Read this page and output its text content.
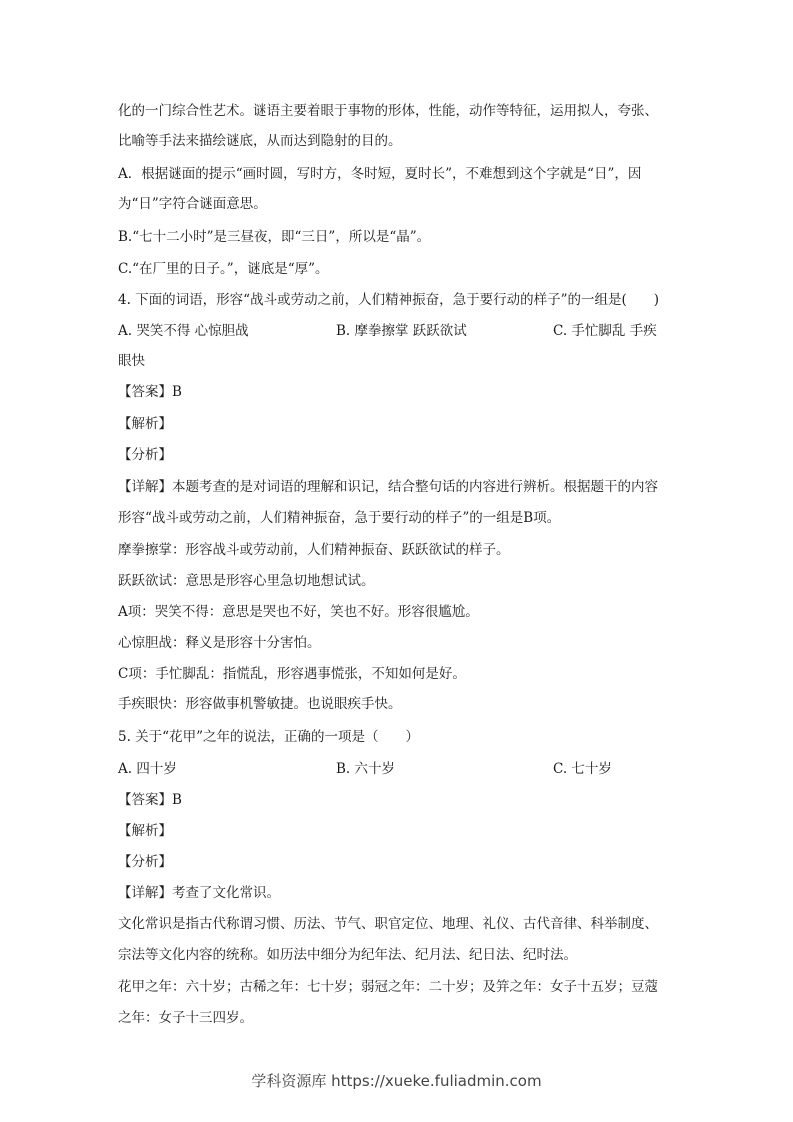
化的一门综合性艺术。谜语主要着眼于事物的形体，性能，动作等特征，运用拟人，夸张、
比喻等手法来描绘谜底，从而达到隐射的目的。
A．根据谜面的提示“画时圆，写时方，冬时短，夏时长”，不难想到这个字就是“日”，因
为“日”字符合谜面意思。
B.“七十二小时”是三昼夜，即“三日”，所以是“晶”。
C.“在厂里的日子。”，谜底是“厚”。
4. 下面的词语，形容“战斗或劳动之前，人们精神振奋，急于要行动的样子”的一组是(　　)
A. 哭笑不得 心惊胆战	B. 摩拳擦掌 跃跃欲试	C. 手忙脚乱 手疾
眼快
【答案】B
【解析】
【分析】
【详解】本题考查的是对词语的理解和识记，结合整句话的内容进行辨析。根据题干的内容
形容“战斗或劳动之前，人们精神振奋，急于要行动的样子”的一组是B项。
摩拳擦掌：形容战斗或劳动前，人们精神振奋、跃跃欲试的样子。
跃跃欲试：意思是形容心里急切地想试试。
A项：哭笑不得：意思是哭也不好，笑也不好。形容很尴尬。
心惊胆战：释义是形容十分害怕。
C项：手忙脚乱：指慌乱，形容遇事慌张，不知如何是好。
手疾眼快：形容做事机警敏捷。也说眼疾手快。
5. 关于“花甲”之年的说法，正确的一项是（　　）
A. 四十岁	B. 六十岁	C. 七十岁
【答案】B
【解析】
【分析】
【详解】考查了文化常识。
文化常识是指古代称谓习惯、历法、节气、职官定位、地理、礼仪、古代音律、科举制度、
宗法等文化内容的统称。如历法中细分为纪年法、纪月法、纪日法、纪时法。
花甲之年：六十岁；古稀之年：七十岁；弱冠之年：二十岁；及笄之年：女子十五岁；豆蔻
之年：女子十三四岁。
学科资源库 https://xueke.fuliadmin.com
